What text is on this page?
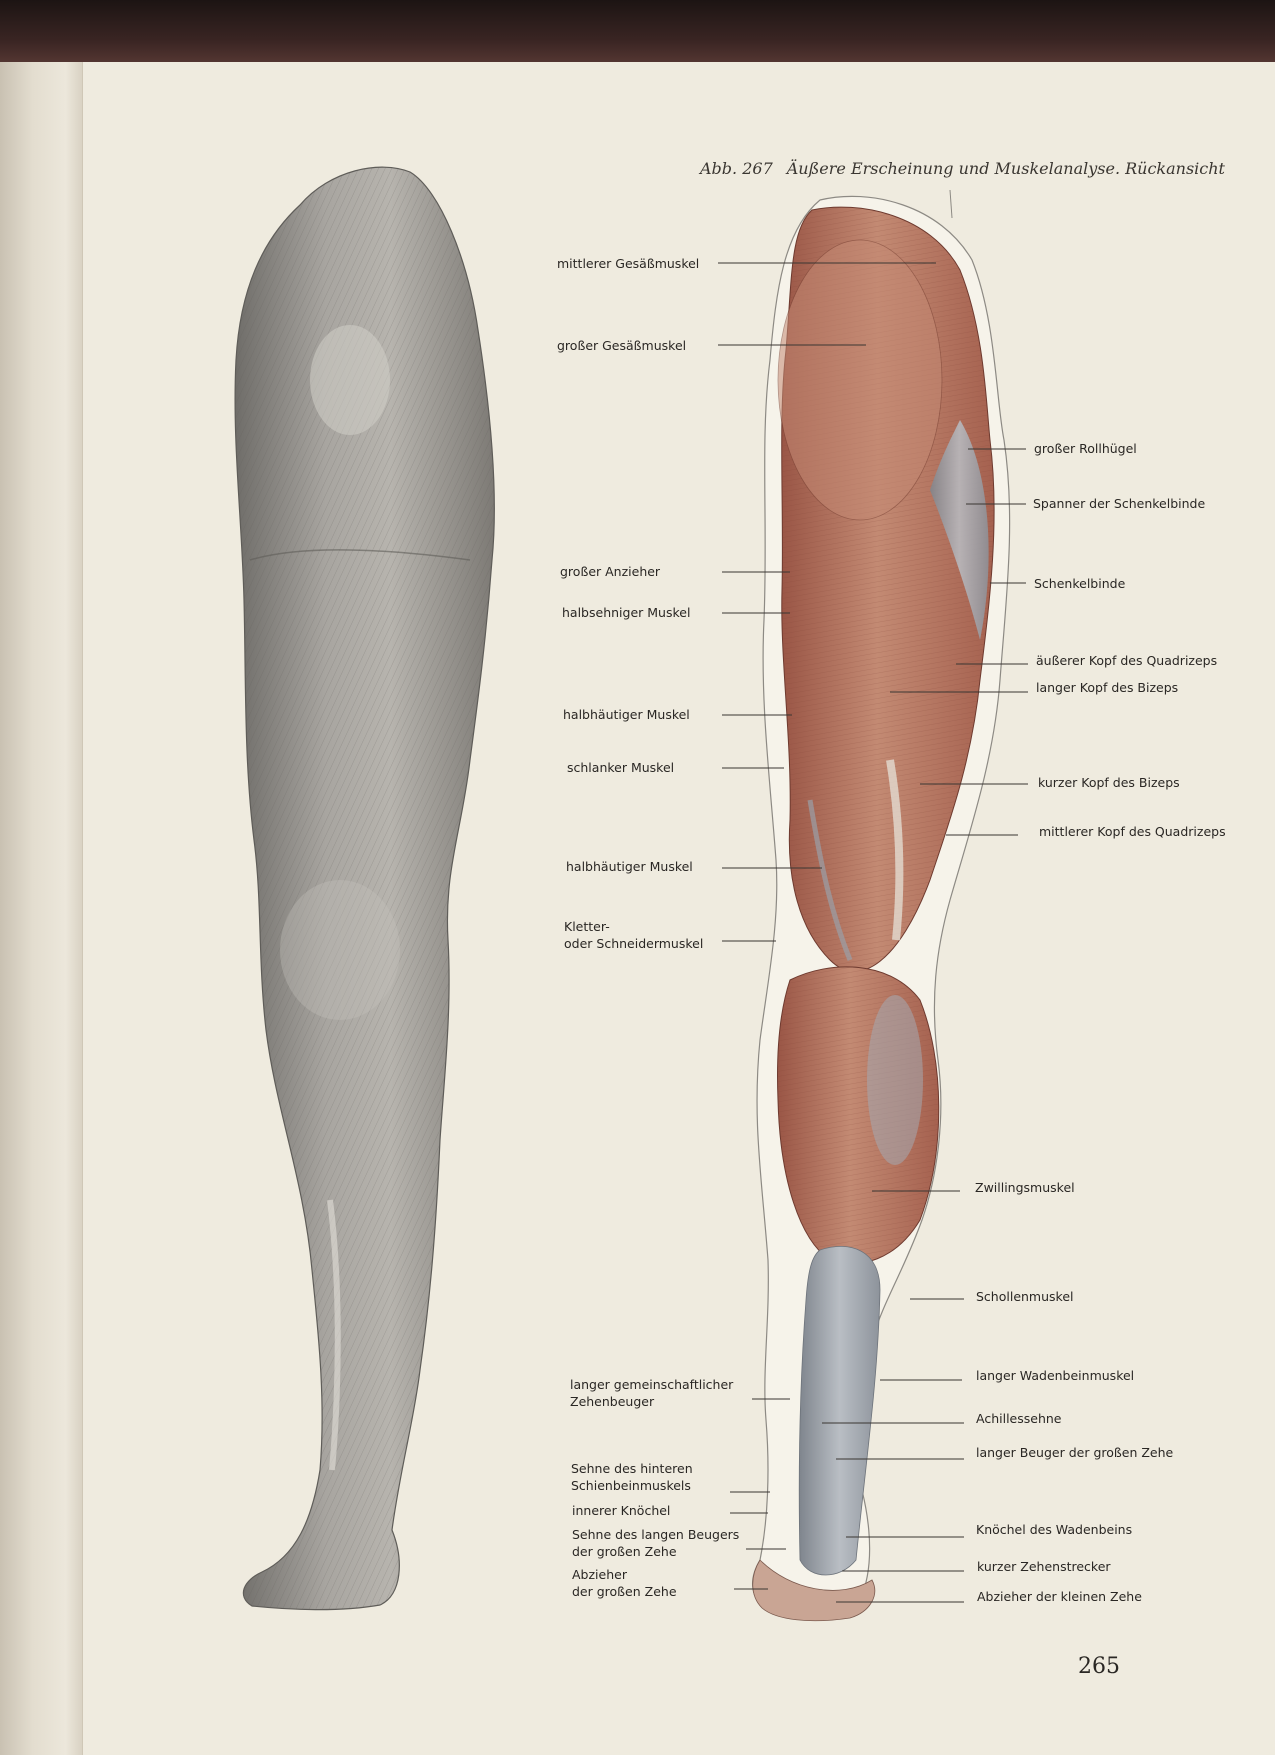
Abb. 267 Äußere Erscheinung und Muskelanalyse. Rückansicht
mittlerer Gesäßmuskel
großer Gesäßmuskel
großer Anzieher
halbsehniger Muskel
halbhäutiger Muskel
schlanker Muskel
halbhäutiger Muskel
Kletter-
oder Schneidermuskel
langer gemeinschaftlicher
Zehenbeuger
Sehne des hinteren
Schienbeinmuskels
innerer Knöchel
Sehne des langen Beugers
der großen Zehe
Abzieher
der großen Zehe
großer Rollhügel
Spanner der Schenkelbinde
Schenkelbinde
äußerer Kopf des Quadrizeps
langer Kopf des Bizeps
kurzer Kopf des Bizeps
mittlerer Kopf des Quadrizeps
Zwillingsmuskel
Schollenmuskel
langer Wadenbeinmuskel
Achillessehne
langer Beuger der großen Zehe
Knöchel des Wadenbeins
kurzer Zehenstrecker
Abzieher der kleinen Zehe
265
